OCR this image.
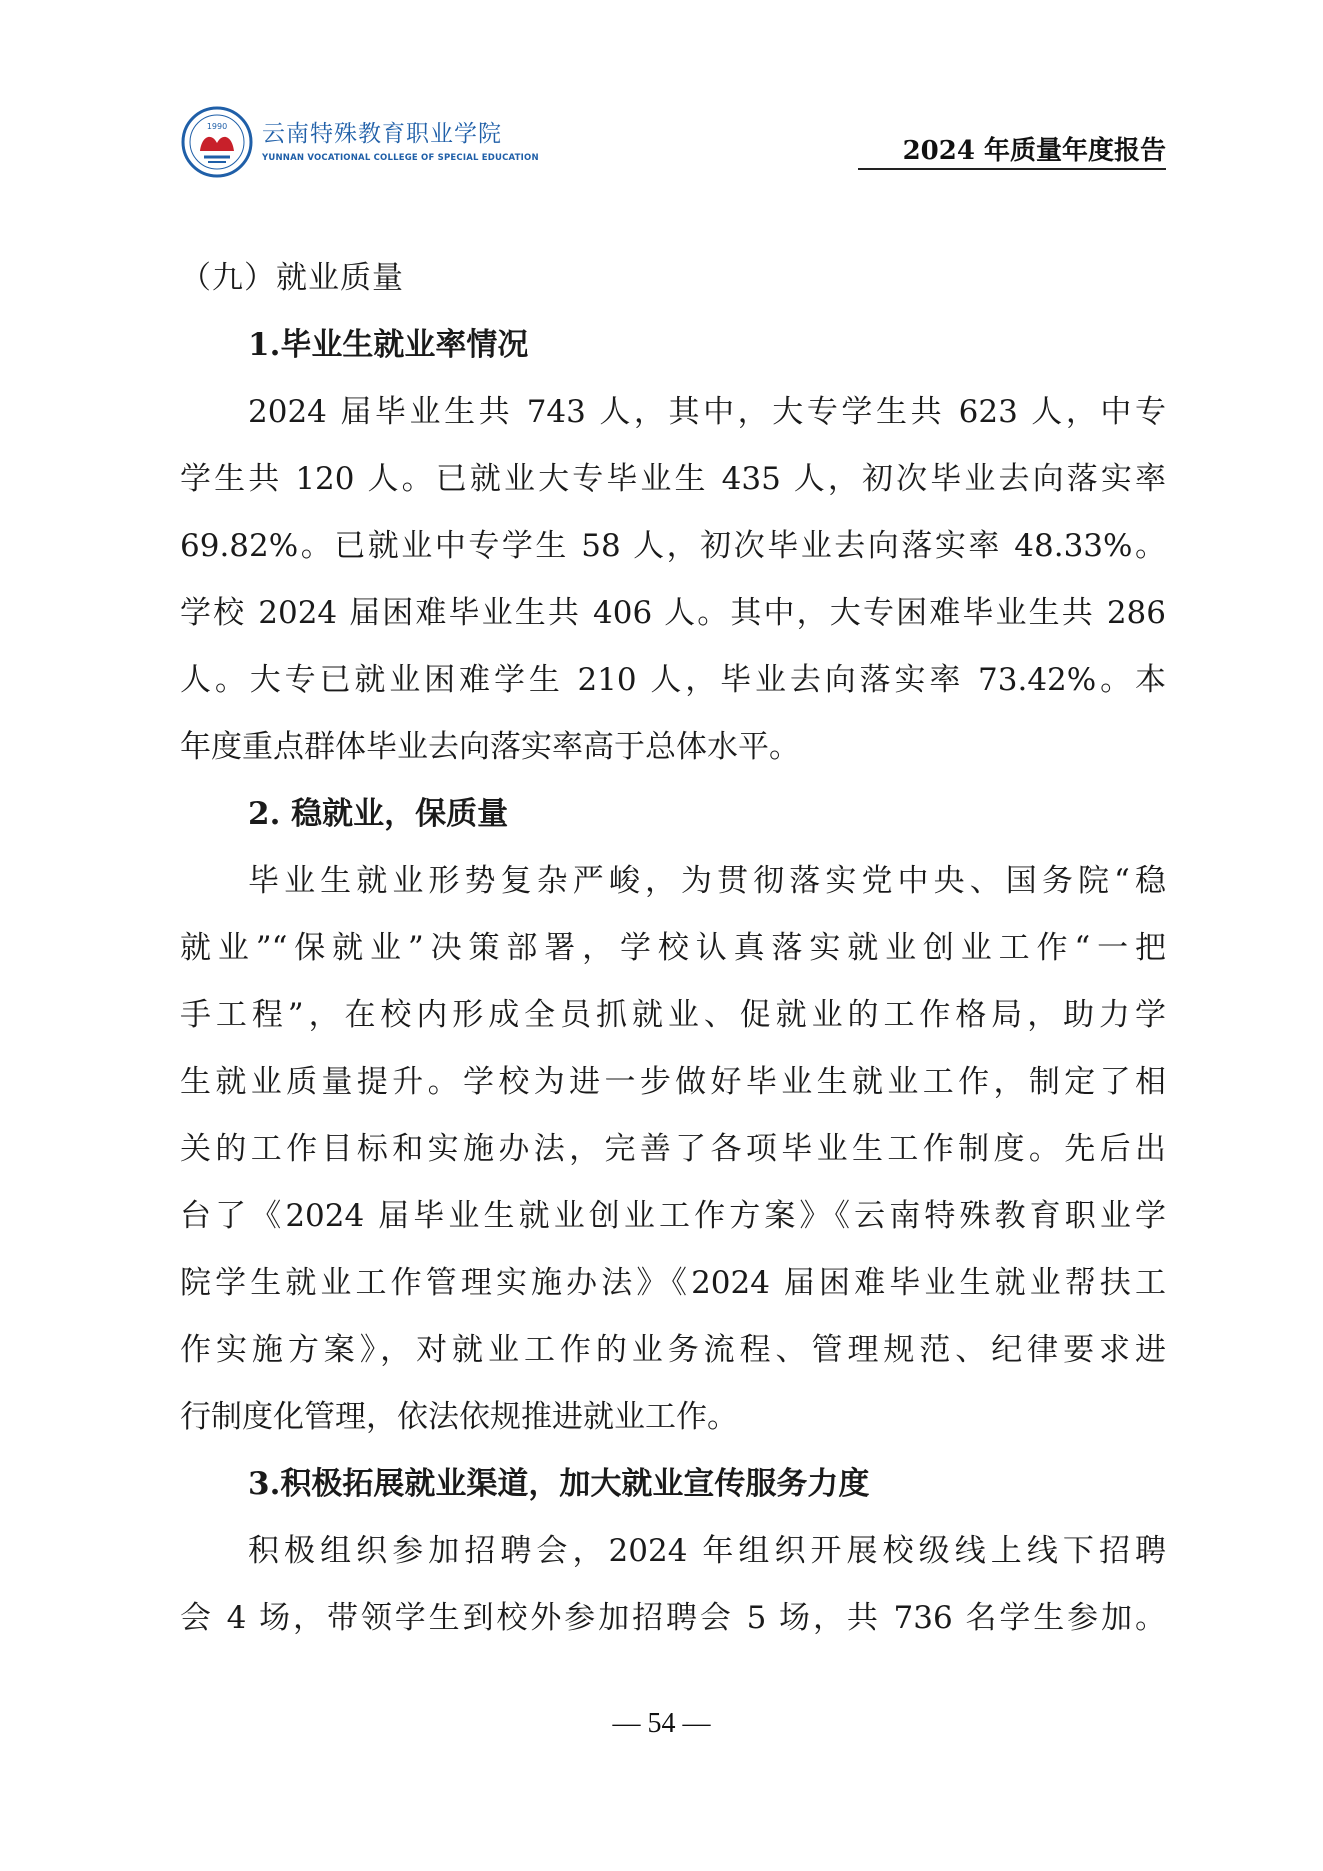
1990 云南特殊教育职业学院
YUNNAN VOCATIONAL COLLEGE OF SPECIAL EDUCATION	2024 年质量年度报告
（九）就业质量
1.毕业生就业率情况
2024 届毕业生共 743 人，其中，大专学生共 623 人，中专
学生共 120 人。已就业大专毕业生 435 人，初次毕业去向落实率
69.82%。已就业中专学生 58 人，初次毕业去向落实率 48.33%。
学校 2024 届困难毕业生共 406 人。其中，大专困难毕业生共 286
人。大专已就业困难学生 210 人，毕业去向落实率 73.42%。本
年度重点群体毕业去向落实率高于总体水平。
2. 稳就业，保质量
毕业生就业形势复杂严峻，为贯彻落实党中央、国务院“稳
就业”“保就业”决策部署，学校认真落实就业创业工作“一把
手工程”，在校内形成全员抓就业、促就业的工作格局，助力学
生就业质量提升。学校为进一步做好毕业生就业工作，制定了相
关的工作目标和实施办法，完善了各项毕业生工作制度。先后出
台了《2024 届毕业生就业创业工作方案》《云南特殊教育职业学
院学生就业工作管理实施办法》《2024 届困难毕业生就业帮扶工
作实施方案》，对就业工作的业务流程、管理规范、纪律要求进
行制度化管理，依法依规推进就业工作。
3.积极拓展就业渠道，加大就业宣传服务力度
积极组织参加招聘会，2024 年组织开展校级线上线下招聘
会 4 场，带领学生到校外参加招聘会 5 场，共 736 名学生参加。
— 54 —
